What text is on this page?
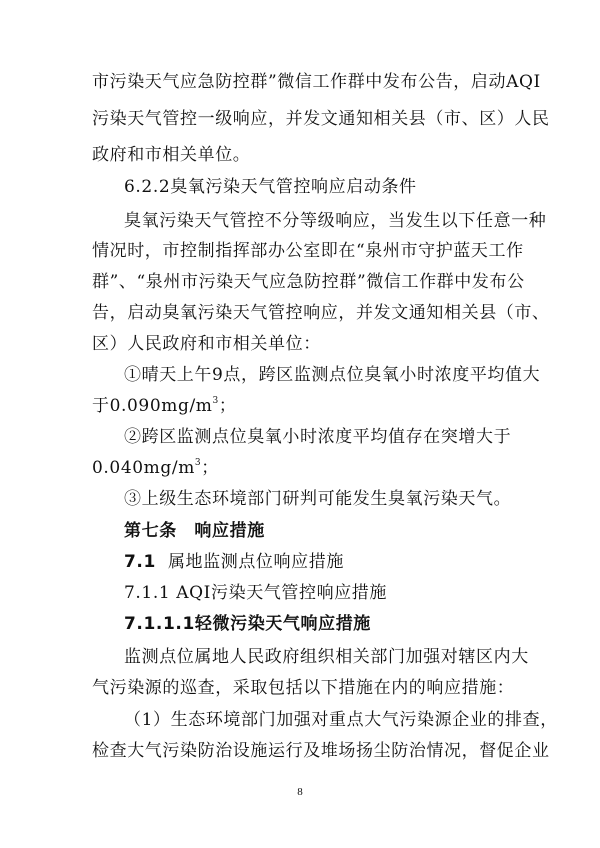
市污染天气应急防控群”微信工作群中发布公告，启动AQI
污染天气管控一级响应，并发文通知相关县（市、区）人民
政府和市相关单位。
6.2.2臭氧污染天气管控响应启动条件
臭氧污染天气管控不分等级响应，当发生以下任意一种
情况时，市控制指挥部办公室即在“泉州市守护蓝天工作
群”、“泉州市污染天气应急防控群”微信工作群中发布公
告，启动臭氧污染天气管控响应，并发文通知相关县（市、
区）人民政府和市相关单位：
①晴天上午9点，跨区监测点位臭氧小时浓度平均值大
于$0.090mg/m^3$；
②跨区监测点位臭氧小时浓度平均值存在突增大于
$0.040mg/m^3$；
③上级生态环境部门研判可能发生臭氧污染天气。
第七条　响应措施
7.1 属地监测点位响应措施
7.1.1 AQI污染天气管控响应措施
7.1.1.1轻微污染天气响应措施
监测点位属地人民政府组织相关部门加强对辖区内大
气污染源的巡查，采取包括以下措施在内的响应措施：
（1）生态环境部门加强对重点大气污染源企业的排查，
检查大气污染防治设施运行及堆场扬尘防治情况，督促企业
8
